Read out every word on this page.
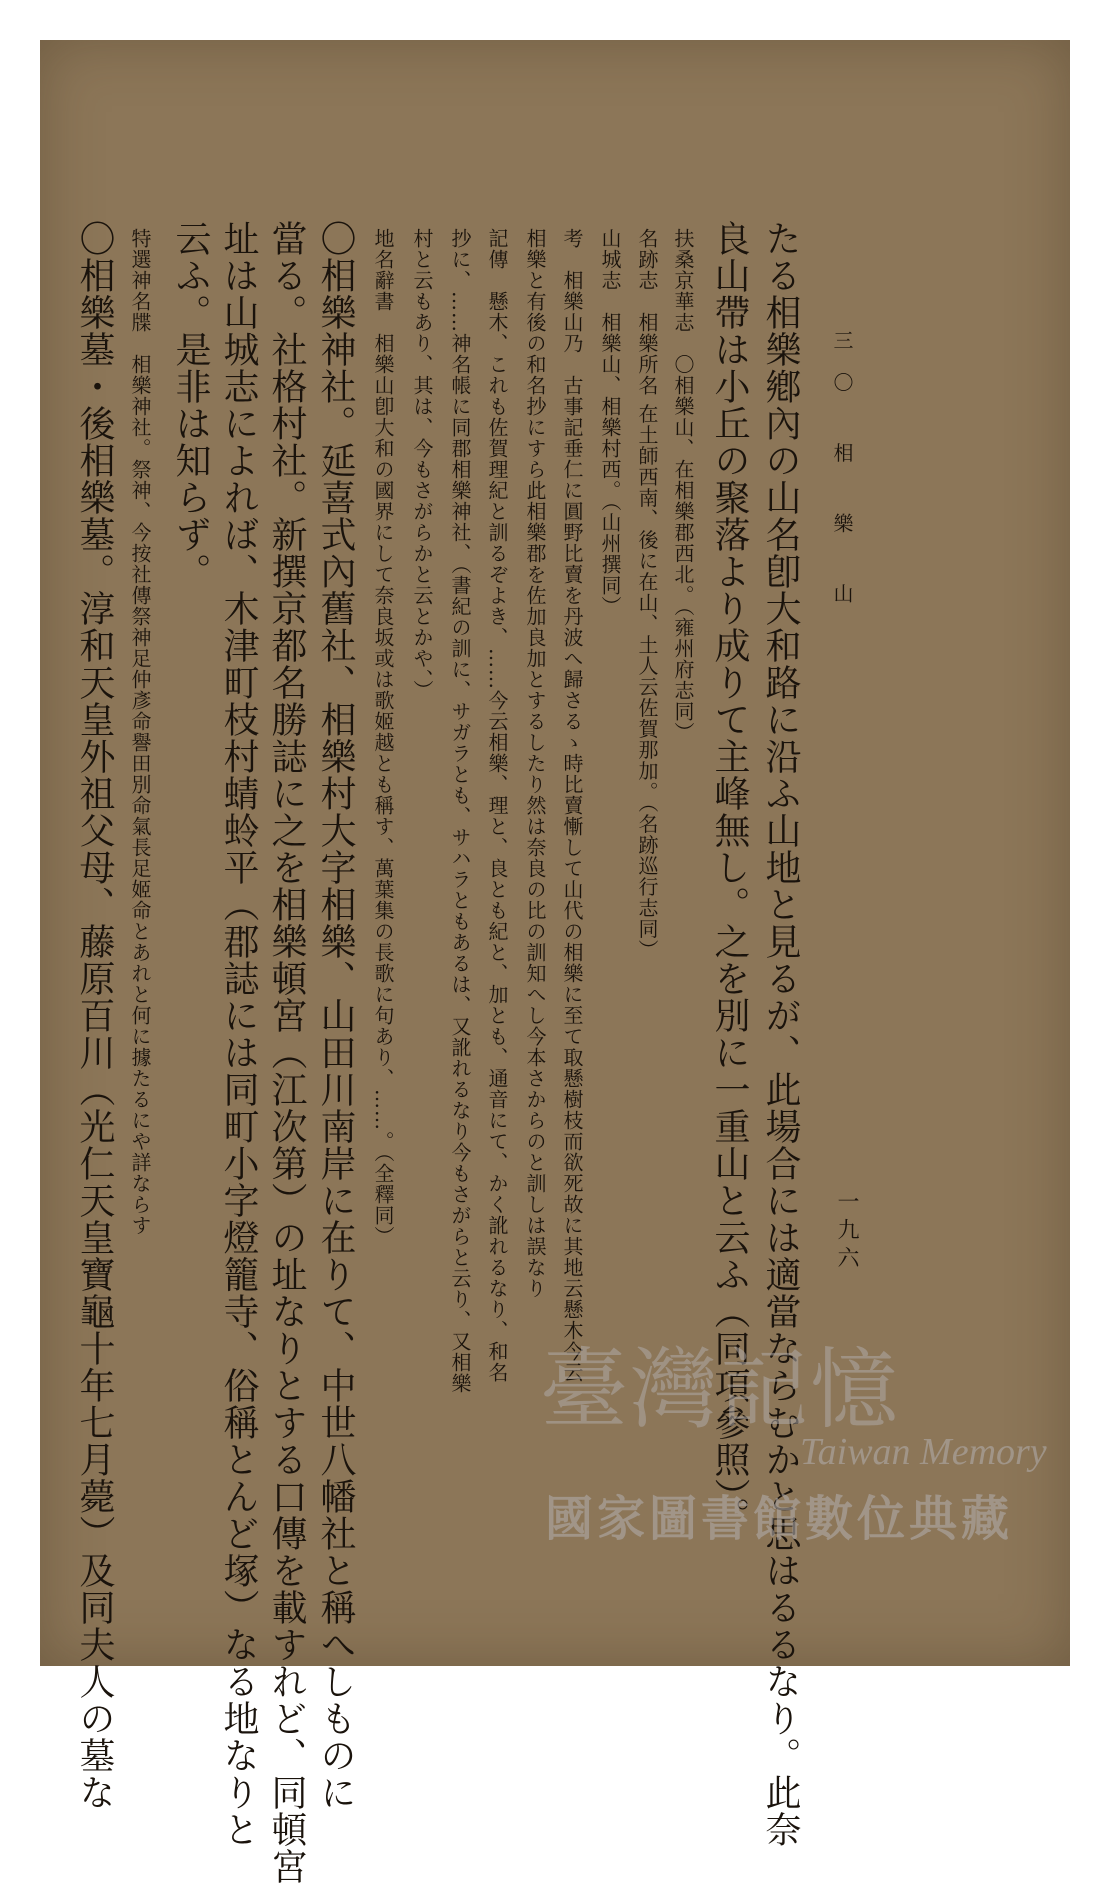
三〇 相 樂 山
一九六
たる相樂鄕內の山名卽大和路に沿ふ山地と見るが、此場合には適當ならむかと思はるるなり。此奈
良山帶は小丘の聚落より成りて主峰無し。之を別に一重山と云ふ（同項參照）。
扶桑京華志　〇相樂山、在相樂郡西北。（雍州府志同）
名跡志　相樂所名 在土師西南、後に在山、土人云佐賀那加。（名跡巡行志同）
山城志　相樂山、相樂村西。（山州撰同）
考　相樂山乃　古事記垂仁に圓野比賣を丹波へ歸さるゝ時比賣慚して山代の相樂に至て取懸樹枝而欲死故に其地云懸木今云
相樂と有後の和名抄にすら此相樂郡を佐加良加とするしたり然は奈良の比の訓知へし今本さからのと訓しは誤なり
記傳　懸木、これも佐賀理紀と訓るぞよき、……今云相樂、理と、良とも紀と、加とも、通音にて、かく訛れるなり、和名
抄に、……神名帳に同郡相樂神社、（書紀の訓に、サガラとも、サハラともあるは、又訛れるなり今もさがらと云り、又相樂
村と云もあり、其は、今もさがらかと云とかや、）
地名辭書　相樂山卽大和の國界にして奈良坂或は歌姬越とも稱す、萬葉集の長歌に句あり、……。（全釋同）
〇相樂神社。延喜式內舊社、相樂村大字相樂、山田川南岸に在りて、中世八幡社と稱へしものに
當る。社格村社。新撰京都名勝誌に之を相樂頓宮（江次第）の址なりとする口傳を載すれど、同頓宮
址は山城志によれば、木津町枝村蜻蛉平（郡誌には同町小字燈籠寺、俗稱とんど塚）なる地なりと
云ふ。是非は知らず。
特選神名牒　相樂神社。祭神、今按社傳祭神足仲彥命譽田別命氣長足姬命とあれと何に據たるにや詳ならす
〇相樂墓・後相樂墓。淳和天皇外祖父母、藤原百川（光仁天皇寶龜十年七月薨）及同夫人の墓な	臺灣記憶
Taiwan Memory
國家圖書館數位典藏
